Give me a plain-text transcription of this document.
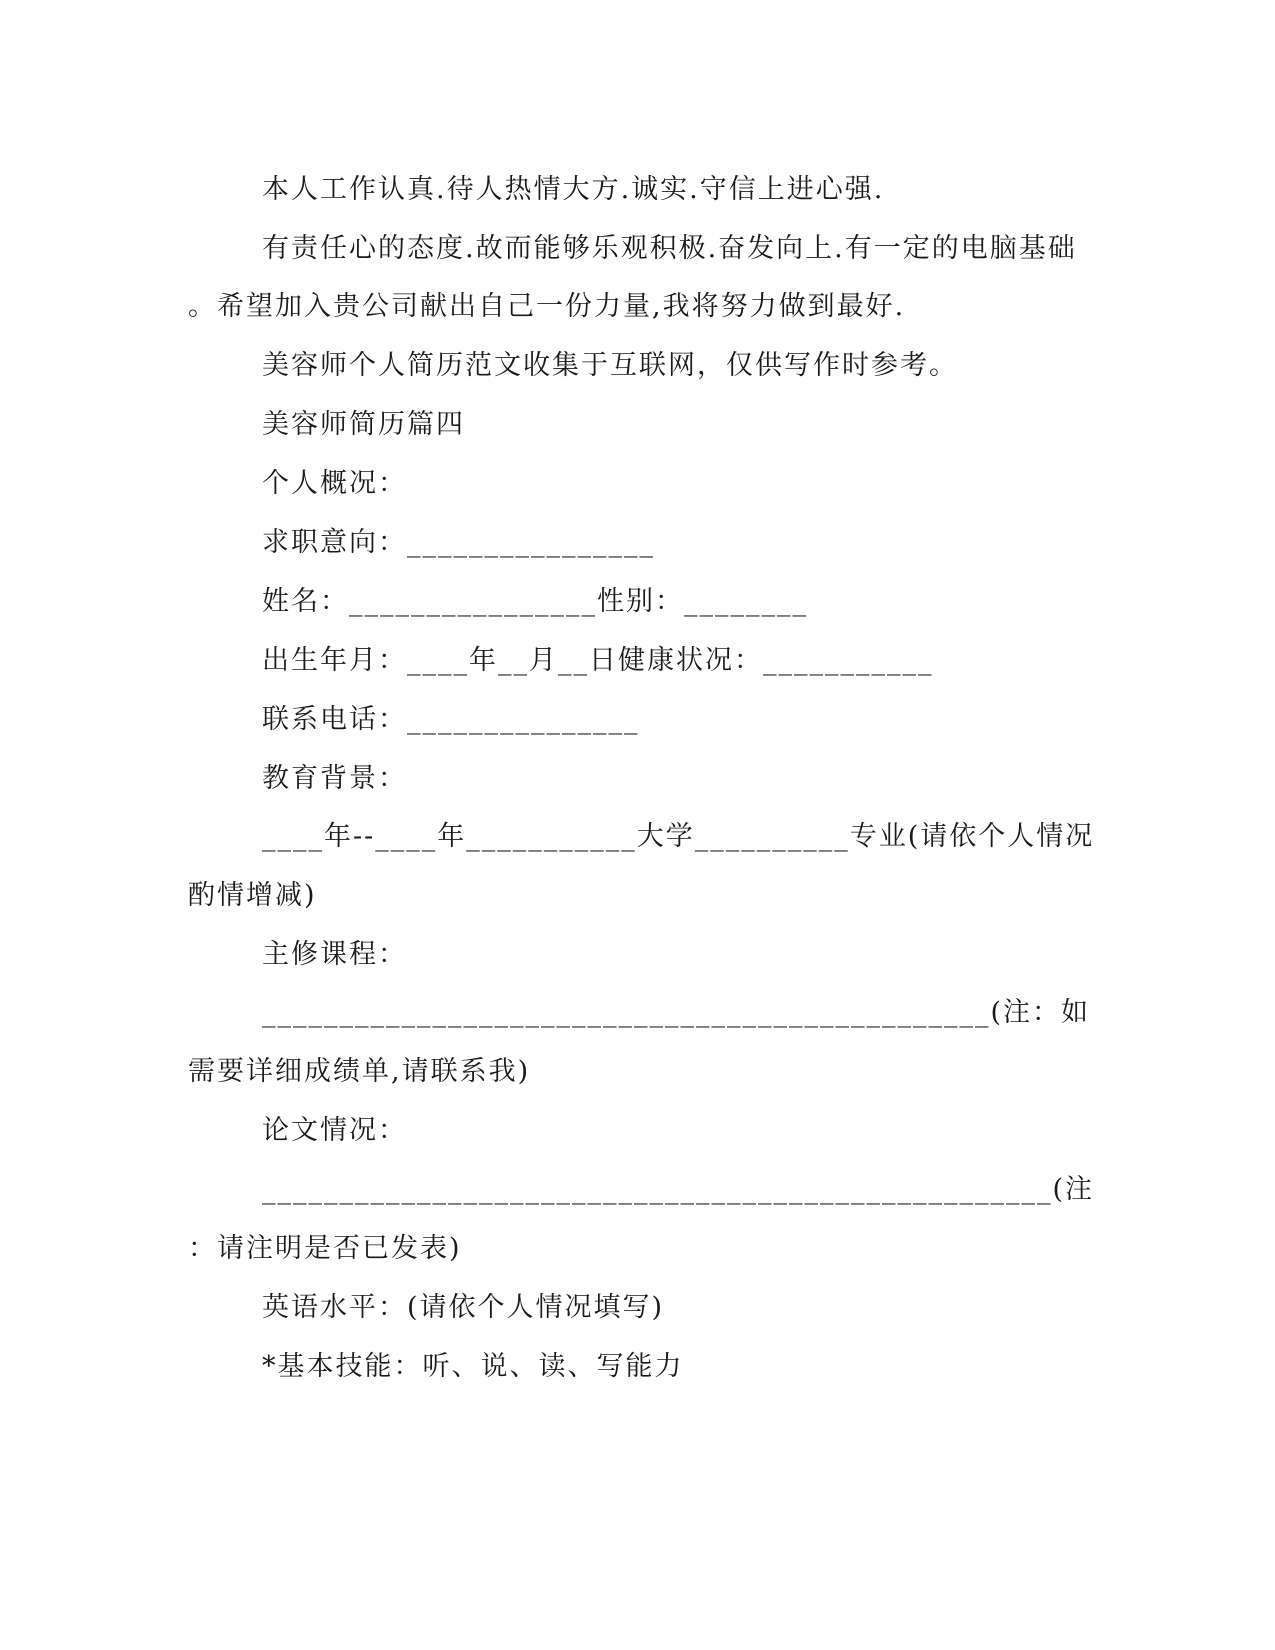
本人工作认真.待人热情大方.诚实.守信上进心强.
有责任心的态度.故而能够乐观积极.奋发向上.有一定的电脑基础
。希望加入贵公司献出自己一份力量,我将努力做到最好.
美容师个人简历范文收集于互联网，仅供写作时参考。
美容师简历篇四
个人概况：
求职意向：________________
姓名：________________性别：________
出生年月：____年__月__日健康状况：___________
联系电话：_______________
教育背景：
____年--____年___________大学__________专业(请依个人情况
酌情增减)
主修课程：
_______________________________________________(注：如
需要详细成绩单,请联系我)
论文情况：
___________________________________________________(注
：请注明是否已发表)
英语水平：(请依个人情况填写)
*基本技能：听、说、读、写能力
